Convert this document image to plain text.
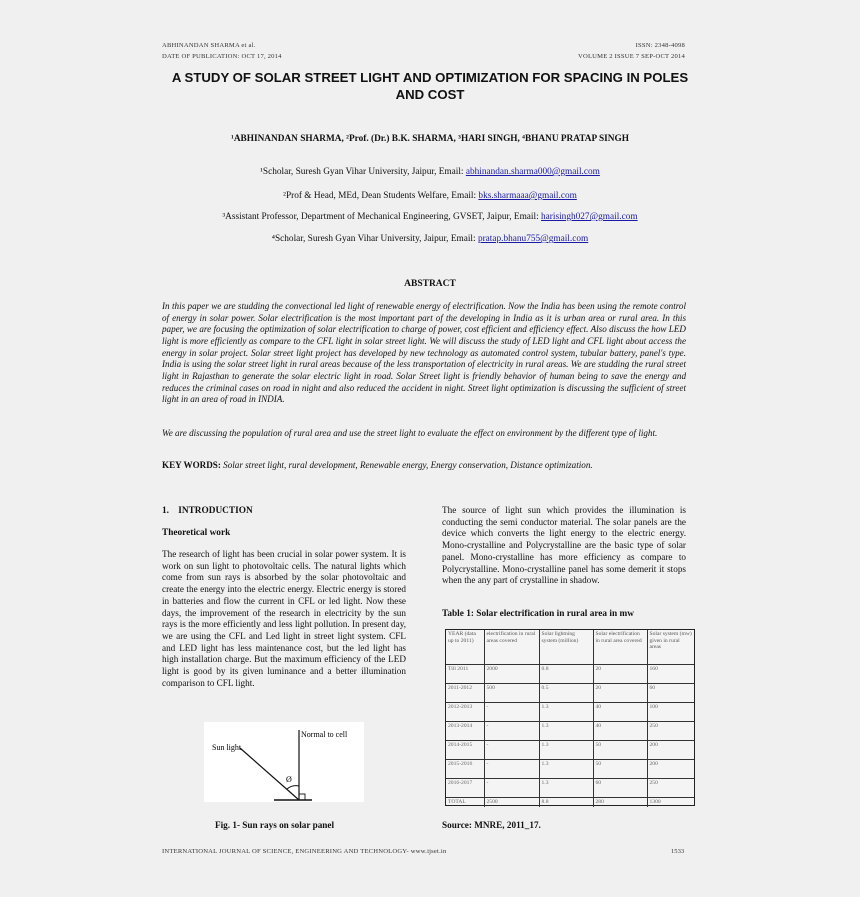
ABHINANDAN SHARMA et al.
DATE OF PUBLICATION: OCT 17, 2014
ISSN: 2348-4098
VOLUME 2 ISSUE 7 SEP-OCT 2014
A STUDY OF SOLAR STREET LIGHT AND OPTIMIZATION FOR SPACING IN POLES
AND COST
¹ABHINANDAN SHARMA, ²Prof. (Dr.) B.K. SHARMA, ³HARI SINGH, ⁴BHANU PRATAP SINGH
¹Scholar, Suresh Gyan Vihar University, Jaipur, Email: abhinandan.sharma000@gmail.com
²Prof & Head, MEd, Dean Students Welfare, Email: bks.sharmaaa@gmail.com
³Assistant Professor, Department of Mechanical Engineering, GVSET, Jaipur, Email: harisingh027@gmail.com
⁴Scholar, Suresh Gyan Vihar University, Jaipur, Email: pratap.bhanu755@gmail.com
ABSTRACT
In this paper we are studding the convectional led light of renewable energy of electrification. Now the India has been using the remote control of energy in solar power. Solar electrification is the most important part of the developing in India as it is urban area or rural area. In this paper, we are focusing the optimization of solar electrification to charge of power, cost efficient and efficiency effect. Also discuss the how LED light is more efficiently as compare to the CFL light in solar street light. We will discuss the study of LED light and CFL light about access the energy in solar project. Solar street light project has developed by new technology as automated control system, tubular battery, panel's type. India is using the solar street light in rural areas because of the less transportation of electricity in rural areas. We are studding the rural street light in Rajasthan to generate the solar electric light in road. Solar Street light is friendly behavior of human being to save the energy and reduces the criminal cases on road in night and also reduced the accident in night. Street light optimization is discussing the sufficient of street light in an area of road in INDIA.
We are discussing the population of rural area and use the street light to evaluate the effect on environment by the different type of light.
KEY WORDS: Solar street light, rural development, Renewable energy, Energy conservation, Distance optimization.
1.    INTRODUCTION
Theoretical work
The research of light has been crucial in solar power system. It is work on sun light to photovoltaic cells. The natural lights which come from sun rays is absorbed by the solar photovoltaic and create the energy into the electric energy. Electric energy is stored in batteries and flow the current in CFL or led light. Now these days, the improvement of the research in electricity by the sun rays is the more efficiently and less light pollution. In present day, we are using the CFL and Led light in street light system. CFL and LED light has less maintenance cost, but the led light has high installation charge. But the maximum efficiency of the LED light is good by its given luminance and a better illumination comparison to CFL light.
The source of light sun which provides the illumination is conducting the semi conductor material. The solar panels are the device which converts the light energy to the electric energy. Mono-crystalline and Polycrystalline are the basic type of solar panel. Mono-crystalline has more efficiency as compare to Polycrystalline. Mono-crystalline panel has some demerit it stops when the any part of crystalline in shadow.
Table 1: Solar electrification in rural area in mw
YEAR (data up to 2011)	electrification in rural areas covered	Solar lightning system (million)	Solar electrification in rural area covered	Solar system (mw) given in rural areas
Till 2011	2000	0.8	20	160
2011-2012	500	0.5	20	60
2012-2013	-	1.3	40	100
2013-2014	-	1.3	40	250
2014-2015	-	1.3	50	200
2015-2016	-	1.3	50	200
2016-2017	-	1.3	60	250
TOTAL	2500	8.8	280	1300
Normal to cell
Sun light
Ø
Fig. 1- Sun rays on solar panel	Source: MNRE, 2011_17.
INTERNATIONAL JOURNAL OF SCIENCE, ENGINEERING AND TECHNOLOGY- www.ijset.in	1533
